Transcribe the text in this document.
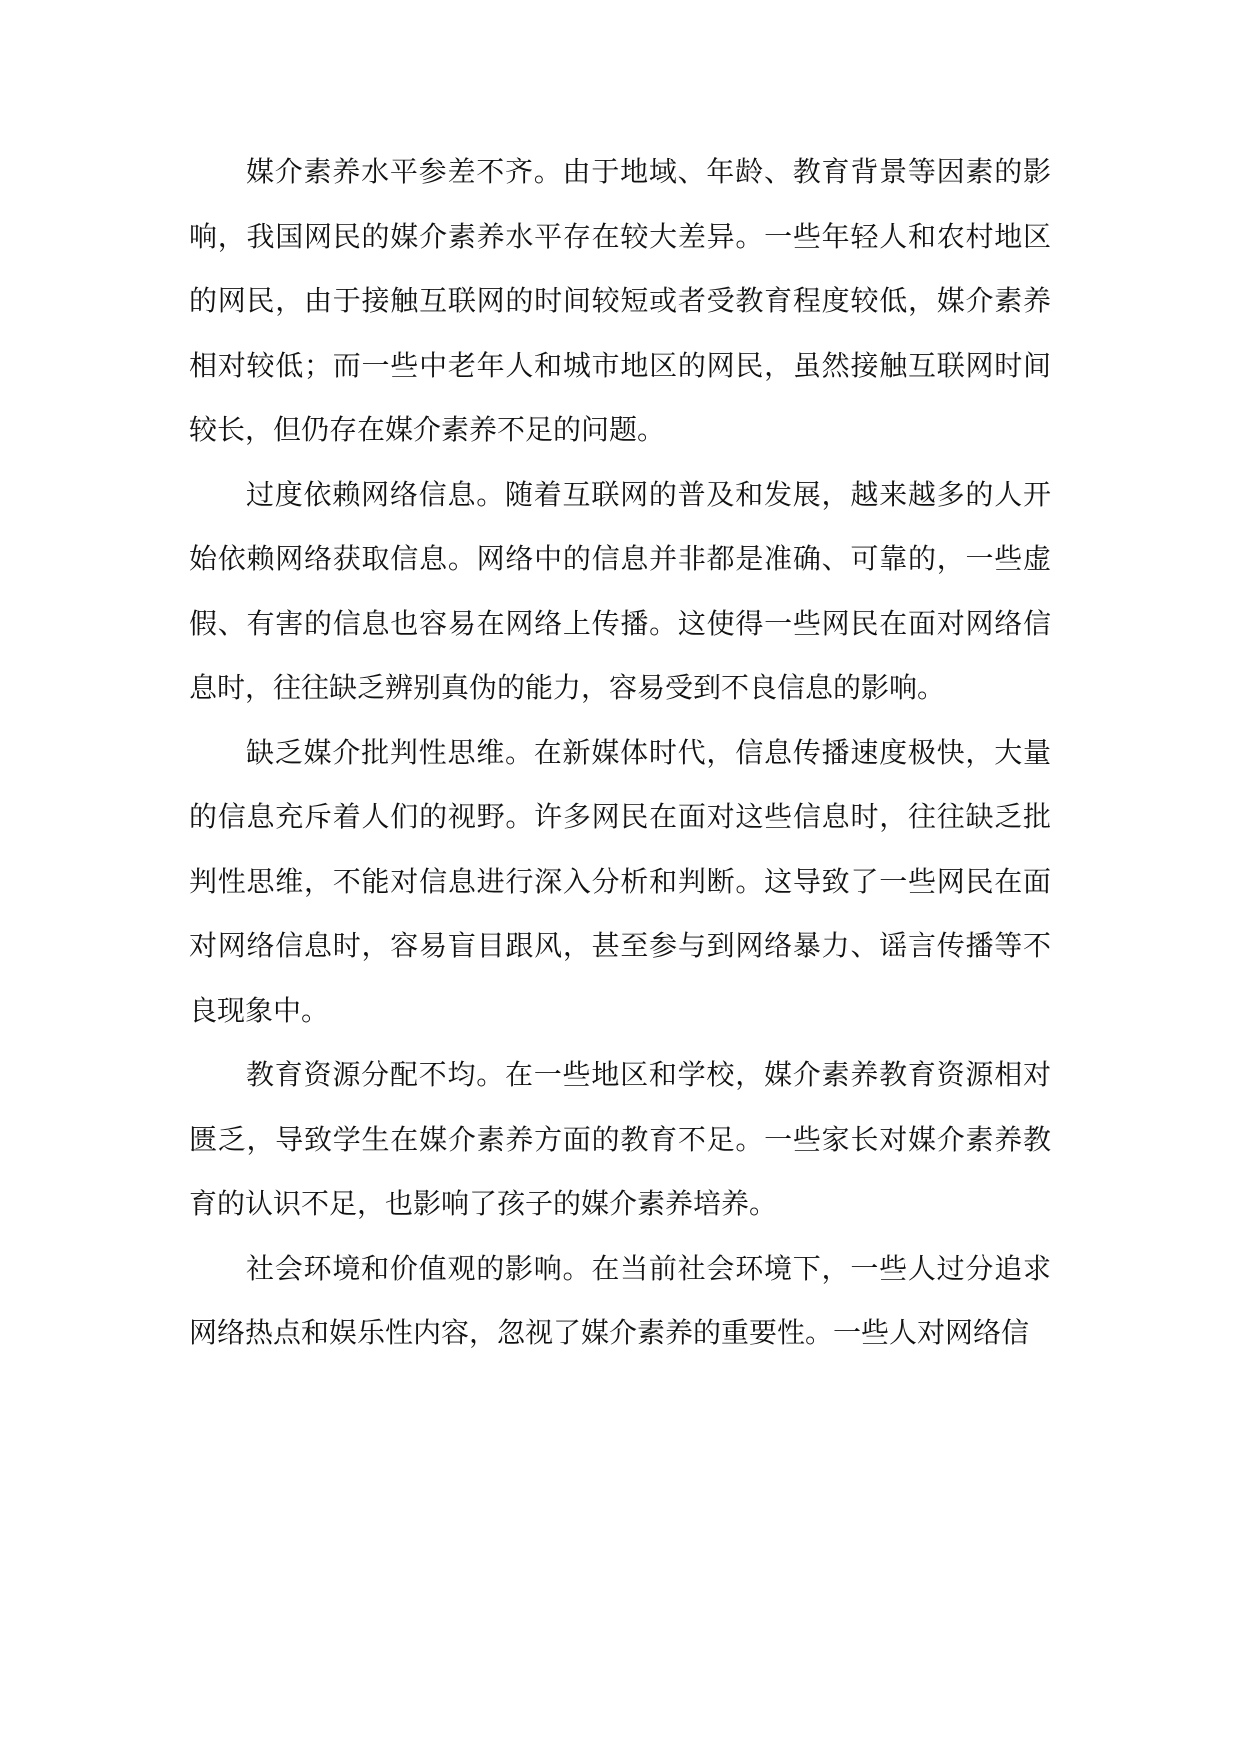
媒介素养水平参差不齐。由于地域、年龄、教育背景等因素的影响，我国网民的媒介素养水平存在较大差异。一些年轻人和农村地区的网民，由于接触互联网的时间较短或者受教育程度较低，媒介素养相对较低；而一些中老年人和城市地区的网民，虽然接触互联网时间较长，但仍存在媒介素养不足的问题。

过度依赖网络信息。随着互联网的普及和发展，越来越多的人开始依赖网络获取信息。网络中的信息并非都是准确、可靠的，一些虚假、有害的信息也容易在网络上传播。这使得一些网民在面对网络信息时，往往缺乏辨别真伪的能力，容易受到不良信息的影响。

缺乏媒介批判性思维。在新媒体时代，信息传播速度极快，大量的信息充斥着人们的视野。许多网民在面对这些信息时，往往缺乏批判性思维，不能对信息进行深入分析和判断。这导致了一些网民在面对网络信息时，容易盲目跟风，甚至参与到网络暴力、谣言传播等不良现象中。

教育资源分配不均。在一些地区和学校，媒介素养教育资源相对匮乏，导致学生在媒介素养方面的教育不足。一些家长对媒介素养教育的认识不足，也影响了孩子的媒介素养培养。

社会环境和价值观的影响。在当前社会环境下，一些人过分追求网络热点和娱乐性内容，忽视了媒介素养的重要性。一些人对网络信
